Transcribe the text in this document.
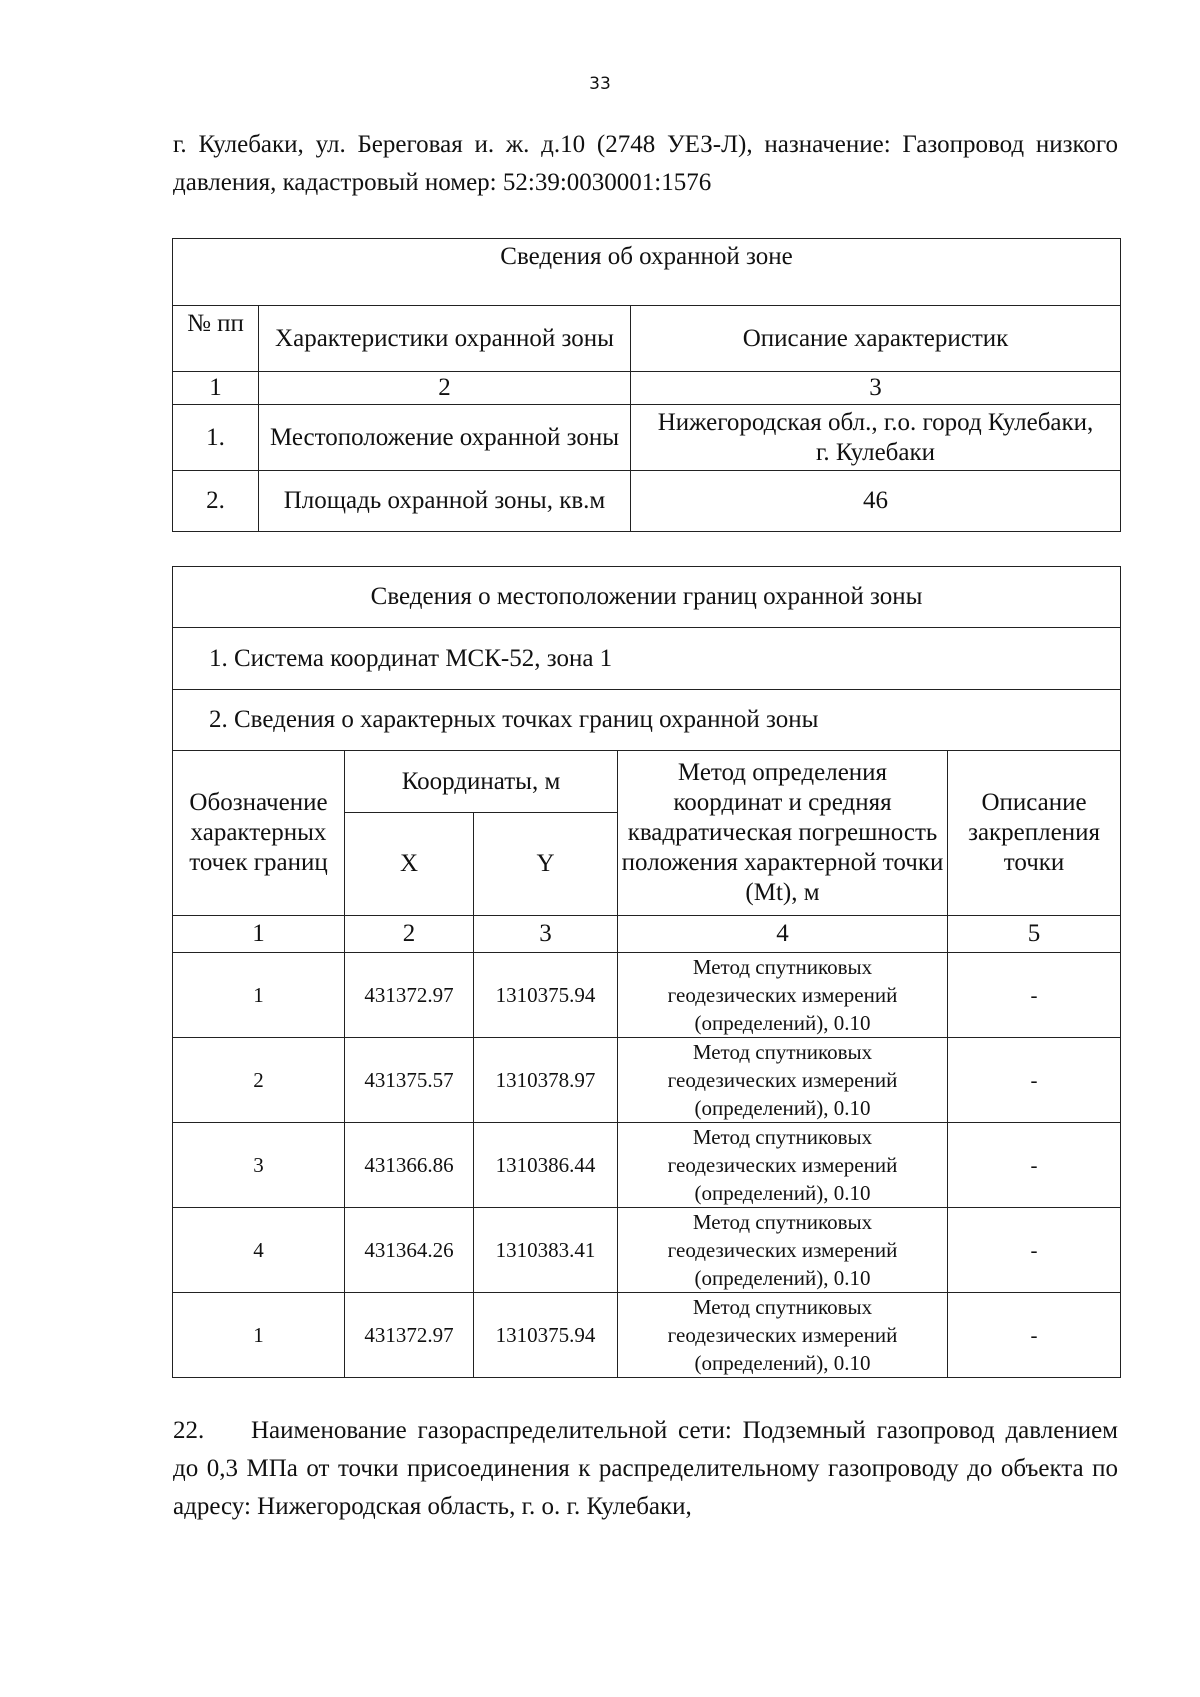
33
г. Кулебаки, ул. Береговая и. ж. д.10 (2748 УЕЗ-Л), назначение: Газопровод низкого давления, кадастровый номер: 52:39:0030001:1576
Сведения об охранной зоне		
№ пп	Характеристики охранной зоны	Описание характеристик
1	2	3
1.	Местоположение охранной зоны	Нижегородская обл., г.о. город Кулебаки, г. Кулебаки
2.	Площадь охранной зоны, кв.м	46
Сведения о местоположении границ охранной зоны				
1. Система координат МСК-52, зона 1				
2. Сведения о характерных точках границ охранной зоны				
Обозначение характерных точек границ	Координаты, м		Метод определения координат и средняя квадратическая погрешность положения характерной точки (Mt), м	Описание закрепления точки
	X	Y		
1	2	3	4	5
1	431372.97	1310375.94	Метод спутниковых геодезических измерений (определений), 0.10	-
2	431375.57	1310378.97	Метод спутниковых геодезических измерений (определений), 0.10	-
3	431366.86	1310386.44	Метод спутниковых геодезических измерений (определений), 0.10	-
4	431364.26	1310383.41	Метод спутниковых геодезических измерений (определений), 0.10	-
1	431372.97	1310375.94	Метод спутниковых геодезических измерений (определений), 0.10	-
22. Наименование газораспределительной сети: Подземный газопровод давлением до 0,3 МПа от точки присоединения к распределительному газопроводу до объекта по адресу: Нижегородская область, г. о. г. Кулебаки,
